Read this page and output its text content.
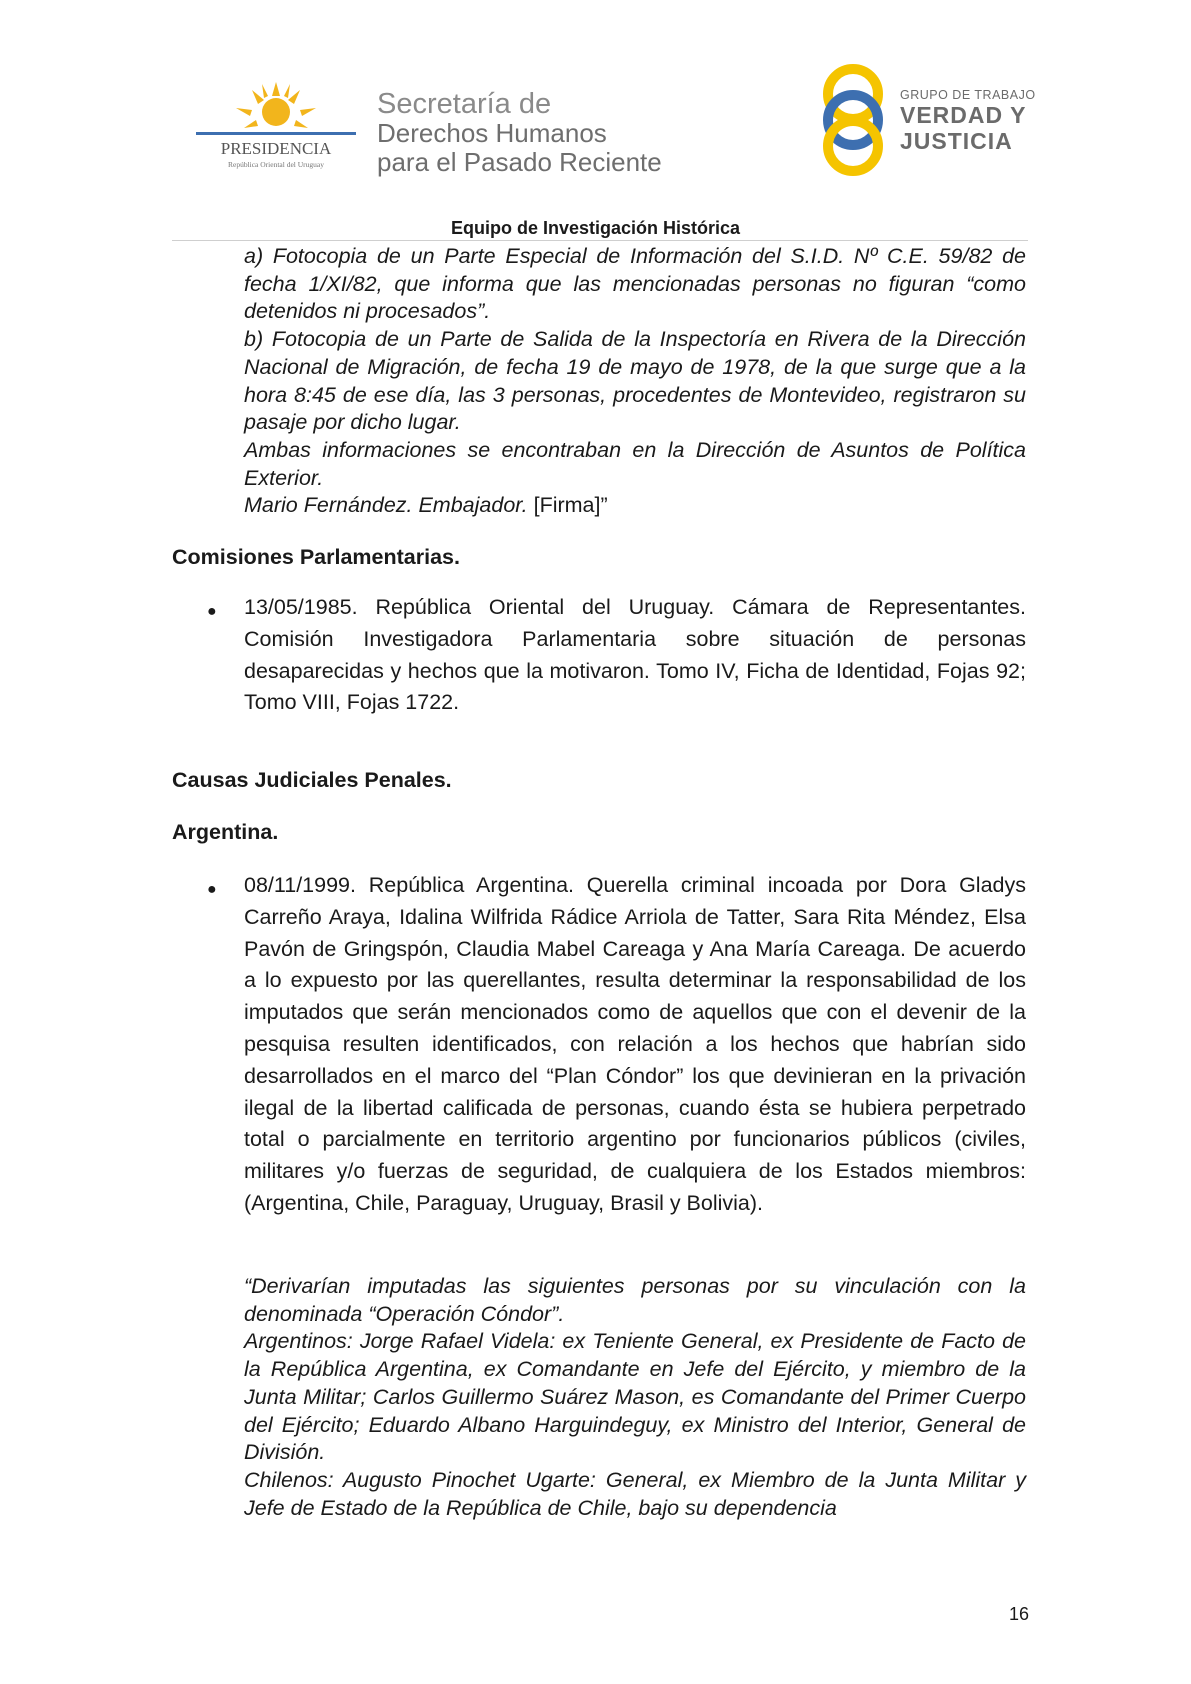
PRESIDENCIA
República Oriental del Uruguay
Secretaría de
Derechos Humanos
para el Pasado Reciente
GRUPO DE TRABAJO
VERDAD Y
JUSTICIA
Equipo de Investigación Histórica

a) Fotocopia de un Parte Especial de Información del S.I.D. Nº C.E. 59/82 de fecha 1/XI/82, que informa que las mencionadas personas no figuran “como detenidos ni procesados”.

b) Fotocopia de un Parte de Salida de la Inspectoría en Rivera de la Dirección Nacional de Migración, de fecha 19 de mayo de 1978, de la que surge que a la hora 8:45 de ese día, las 3 personas, procedentes de Montevideo, registraron su pasaje por dicho lugar.

Ambas informaciones se encontraban en la Dirección de Asuntos de Política Exterior.

Mario Fernández. Embajador. [Firma]”

Comisiones Parlamentarias.
● 13/05/1985. República Oriental del Uruguay. Cámara de Representantes. Comisión Investigadora Parlamentaria sobre situación de personas desaparecidas y hechos que la motivaron. Tomo IV, Ficha de Identidad, Fojas 92; Tomo VIII, Fojas 1722.
Causas Judiciales Penales.
Argentina.
● 08/11/1999. República Argentina. Querella criminal incoada por Dora Gladys Carreño Araya, Idalina Wilfrida Rádice Arriola de Tatter, Sara Rita Méndez, Elsa Pavón de Gringspón, Claudia Mabel Careaga y Ana María Careaga. De acuerdo a lo expuesto por las querellantes, resulta determinar la responsabilidad de los imputados que serán mencionados como de aquellos que con el devenir de la pesquisa resulten identificados, con relación a los hechos que habrían sido desarrollados en el marco del “Plan Cóndor” los que devinieran en la privación ilegal de la libertad calificada de personas, cuando ésta se hubiera perpetrado total o parcialmente en territorio argentino por funcionarios públicos (civiles, militares y/o fuerzas de seguridad, de cualquiera de los Estados miembros: (Argentina, Chile, Paraguay, Uruguay, Brasil y Bolivia).

“Derivarían imputadas las siguientes personas por su vinculación con la denominada “Operación Cóndor”.

Argentinos: Jorge Rafael Videla: ex Teniente General, ex Presidente de Facto de la República Argentina, ex Comandante en Jefe del Ejército, y miembro de la Junta Militar; Carlos Guillermo Suárez Mason, es Comandante del Primer Cuerpo del Ejército; Eduardo Albano Harguindeguy, ex Ministro del Interior, General de División.

Chilenos: Augusto Pinochet Ugarte: General, ex Miembro de la Junta Militar y Jefe de Estado de la República de Chile, bajo su dependencia

16
